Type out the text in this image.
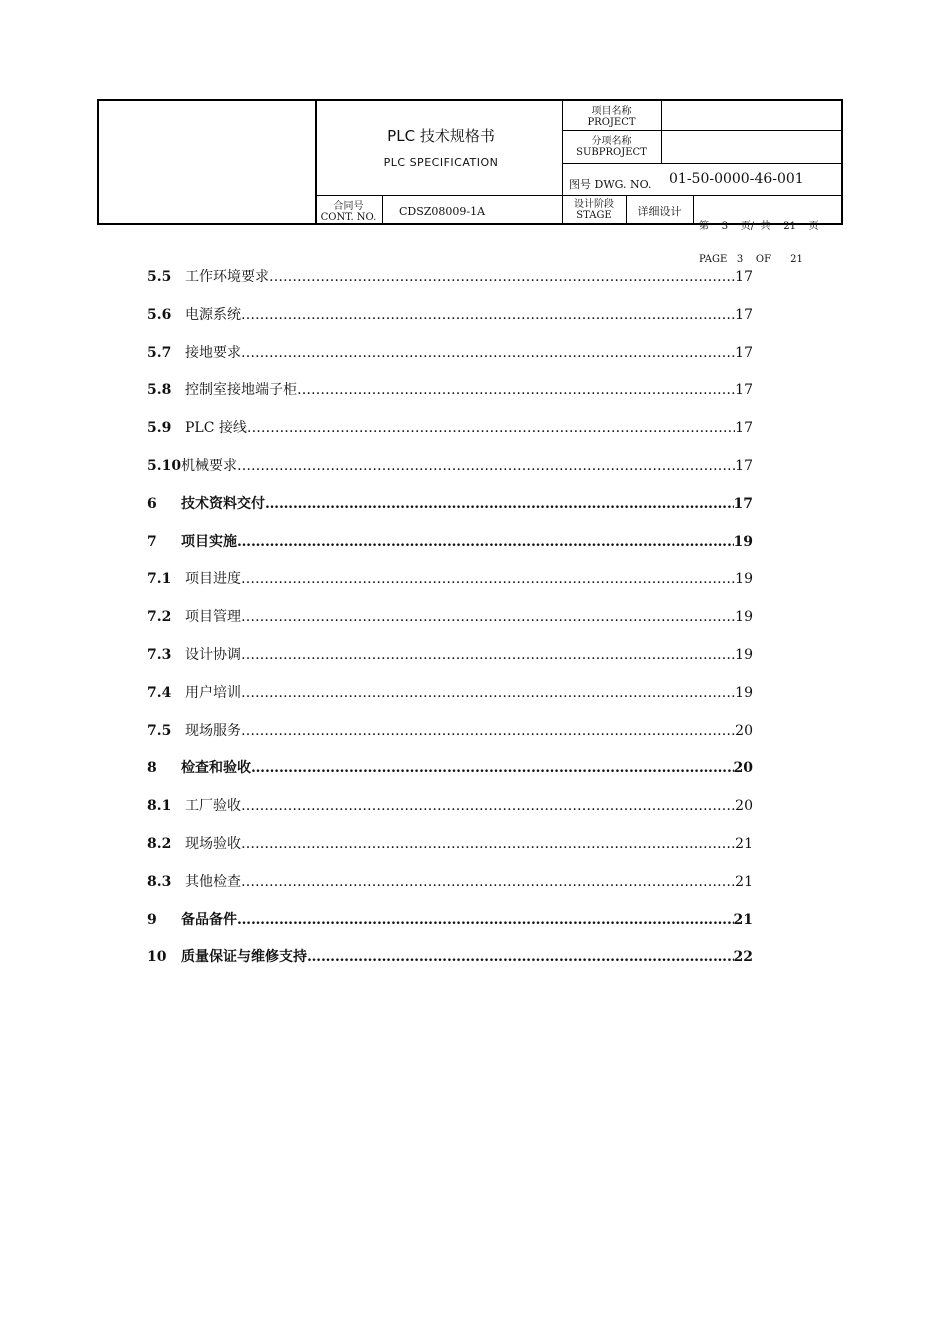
PLC 技术规格书
PLC SPECIFICATION
项目名称
PROJECT
分项名称
SUBPROJECT
图号 DWG. NO. 01-50-0000-46-001
合同号
CONT. NO.	CDSZ08009-1A
设计阶段
STAGE	详细设计

第    3    页/  共    21    页

PAGE   3    OF      21

5.5 工作环境要求 ……………………………………………………………………………………………………………………………………	17
5.6 电源系统 ……………………………………………………………………………………………………………………………………	17
5.7 接地要求 ……………………………………………………………………………………………………………………………………	17
5.8 控制室接地端子柜 ……………………………………………………………………………………………………………………………………	17
5.9 PLC 接线 ……………………………………………………………………………………………………………………………………	17
5.10 机械要求 ……………………………………………………………………………………………………………………………………	17
6	技术资料交付 ……………………………………………………………………………………………………………………………………	17
7	项目实施 ……………………………………………………………………………………………………………………………………	19
7.1 项目进度 ……………………………………………………………………………………………………………………………………	19
7.2 项目管理 ……………………………………………………………………………………………………………………………………	19
7.3 设计协调 ……………………………………………………………………………………………………………………………………	19
7.4 用户培训 ……………………………………………………………………………………………………………………………………	19
7.5 现场服务 ……………………………………………………………………………………………………………………………………	20
8	检查和验收 ……………………………………………………………………………………………………………………………………	20
8.1 工厂验收 ……………………………………………………………………………………………………………………………………	20
8.2 现场验收 ……………………………………………………………………………………………………………………………………	21
8.3 其他检查 ……………………………………………………………………………………………………………………………………	21
9	备品备件 ……………………………………………………………………………………………………………………………………	21
10	质量保证与维修支持 ……………………………………………………………………………………………………………………………………	22
